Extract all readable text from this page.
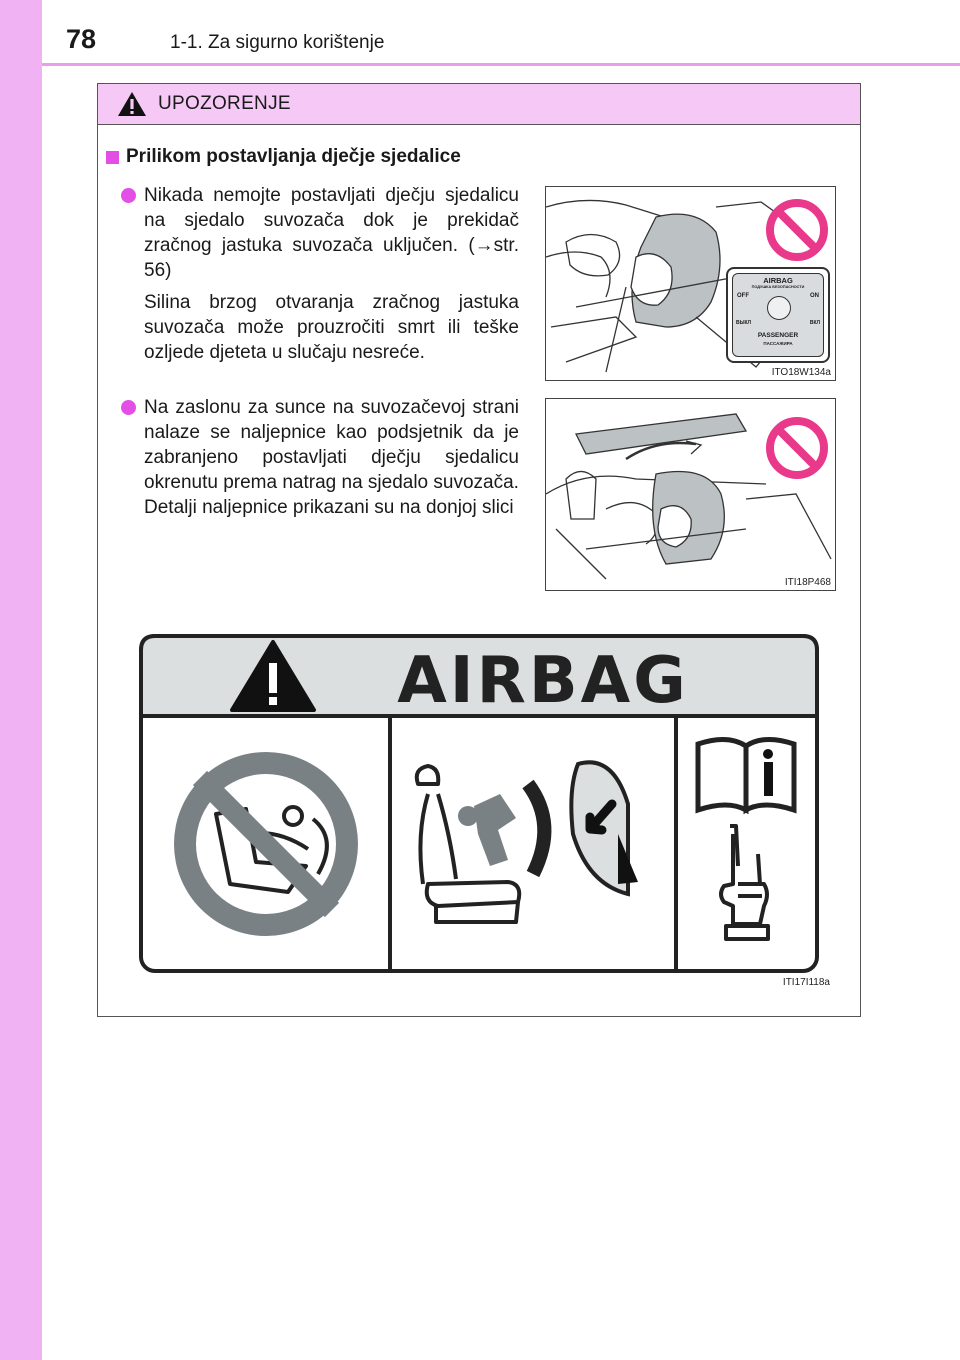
78	1-1. Za sigurno korištenje
UPOZORENJE
Prilikom postavljanja dječje sjedalice
Nikada nemojte postavljati dječju sjedalicu na sjedalo suvozača dok je prekidač zračnog jastuka suvozača uključen. (→str. 56)
Silina brzog otvaranja zračnog jastuka suvozača može prouzročiti smrt ili teške ozljede djeteta u slučaju nesreće.
Na zaslonu za sunce na suvozačevoj strani nalaze se naljepnice kao podsjetnik da je zabranjeno postavljati dječju sjedalicu okrenutu prema natrag na sjedalo suvozača.
Detalji naljepnice prikazani su na donjoj slici
AIRBAG
ПОДУШКА БЕЗОПАСНОСТИ
OFF	ON
ВЫКЛ	ВКЛ
PASSENGER
ПАССАЖИРА
ITO18W134a
ITI18P468
AIRBAG
ITI17I118a
